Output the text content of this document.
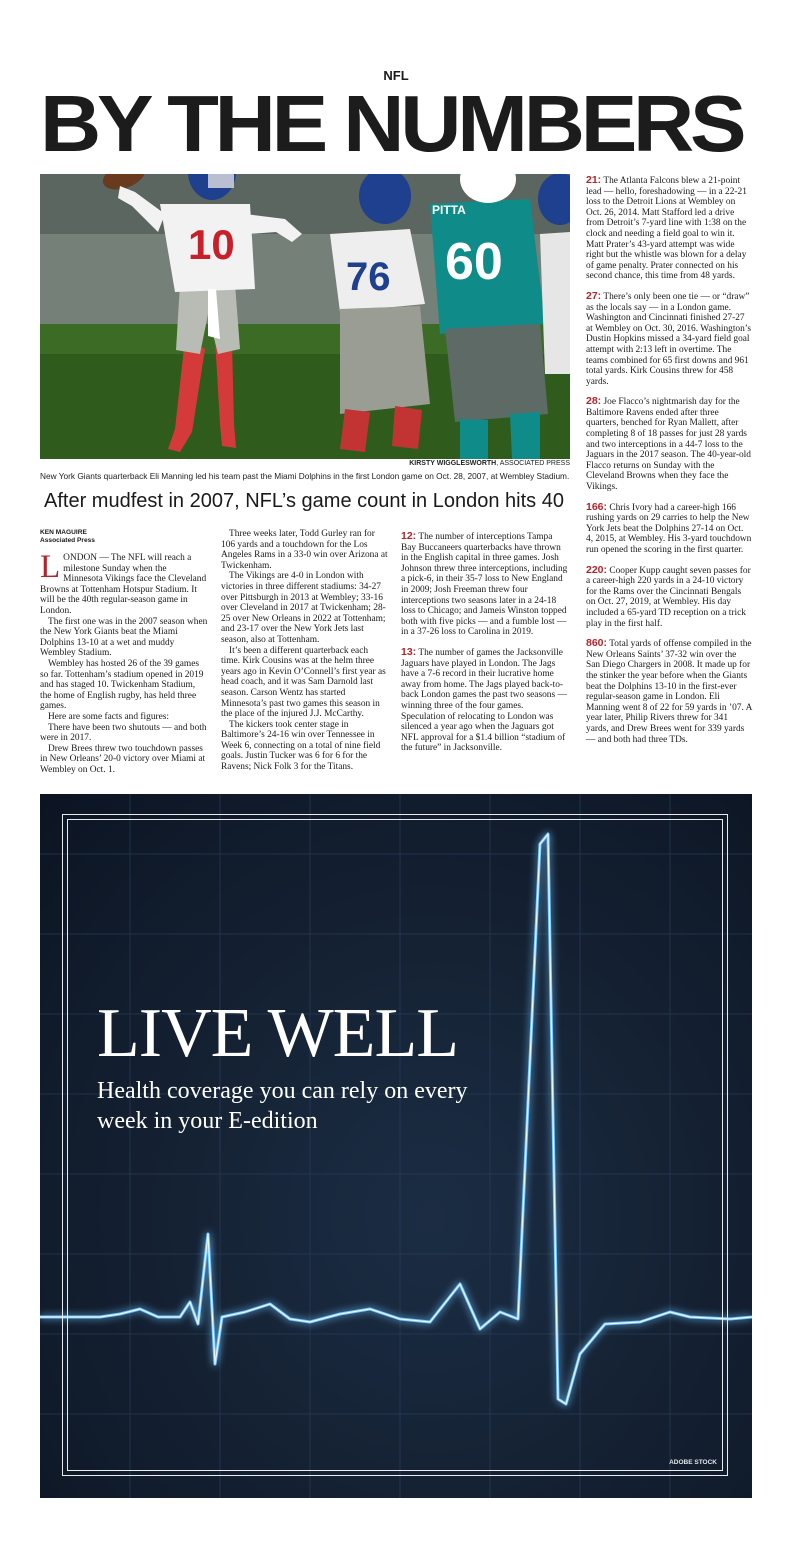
NFL
BY THE NUMBERS
10
76
PITTA
60
KIRSTY WIGGLESWORTH, ASSOCIATED PRESS
New York Giants quarterback Eli Manning led his team past the Miami Dolphins in the first London game on Oct. 28, 2007, at Wembley Stadium.
After mudfest in 2007, NFL’s game count in London hits 40
KEN MAGUIRE
Associated Press

LONDON — The NFL will reach a milestone Sunday when the Minnesota Vikings face the Cleveland Browns at Tottenham Hotspur Stadium. It will be the 40th regular-season game in London.

The first one was in the 2007 season when the New York Giants beat the Miami Dolphins 13-10 at a wet and muddy Wembley Stadium.

Wembley has hosted 26 of the 39 games so far. Tottenham’s stadium opened in 2019 and has staged 10. Twickenham Stadium, the home of English rugby, has held three games.

Here are some facts and figures:

There have been two shutouts — and both were in 2017.

Drew Brees threw two touchdown passes in New Orleans’ 20-0 victory over Miami at Wembley on Oct. 1.

Three weeks later, Todd Gurley ran for 106 yards and a touchdown for the Los Angeles Rams in a 33-0 win over Arizona at Twickenham.

The Vikings are 4-0 in London with victories in three different stadiums: 34-27 over Pittsburgh in 2013 at Wembley; 33-16 over Cleveland in 2017 at Twickenham; 28-25 over New Orleans in 2022 at Tottenham; and 23-17 over the New York Jets last season, also at Tottenham.

It’s been a different quarterback each time. Kirk Cousins was at the helm three years ago in Kevin O’Connell’s first year as head coach, and it was Sam Darnold last season. Carson Wentz has started Minnesota’s past two games this season in the place of the injured J.J. McCarthy.

The kickers took center stage in Baltimore’s 24-16 win over Tennessee in Week 6, connecting on a total of nine field goals. Justin Tucker was 6 for 6 for the Ravens; Nick Folk 3 for the Titans.

12: The number of interceptions Tampa Bay Buccaneers quarterbacks have thrown in the English capital in three games. Josh Johnson threw three interceptions, including a pick-6, in their 35-7 loss to New England in 2009; Josh Freeman threw four interceptions two seasons later in a 24-18 loss to Chicago; and Jameis Winston topped both with five picks — and a fumble lost — in a 37-26 loss to Carolina in 2019.

13: The number of games the Jacksonville Jaguars have played in London. The Jags have a 7-6 record in their lucrative home away from home. The Jags played back-to-back London games the past two seasons — winning three of the four games. Speculation of relocating to London was silenced a year ago when the Jaguars got NFL approval for a $1.4 billion “stadium of the future” in Jacksonville.

21: The Atlanta Falcons blew a 21-point lead — hello, foreshadowing — in a 22-21 loss to the Detroit Lions at Wembley on Oct. 26, 2014. Matt Stafford led a drive from Detroit’s 7-yard line with 1:38 on the clock and needing a field goal to win it. Matt Prater’s 43-yard attempt was wide right but the whistle was blown for a delay of game penalty. Prater connected on his second chance, this time from 48 yards.

27: There’s only been one tie — or “draw” as the locals say — in a London game. Washington and Cincinnati finished 27-27 at Wembley on Oct. 30, 2016. Washington’s Dustin Hopkins missed a 34-yard field goal attempt with 2:13 left in overtime. The teams combined for 65 first downs and 961 total yards. Kirk Cousins threw for 458 yards.

28: Joe Flacco’s nightmarish day for the Baltimore Ravens ended after three quarters, benched for Ryan Mallett, after completing 8 of 18 passes for just 28 yards and two interceptions in a 44-7 loss to the Jaguars in the 2017 season. The 40-year-old Flacco returns on Sunday with the Cleveland Browns when they face the Vikings.

166: Chris Ivory had a career-high 166 rushing yards on 29 carries to help the New York Jets beat the Dolphins 27-14 on Oct. 4, 2015, at Wembley. His 3-yard touchdown run opened the scoring in the first quarter.

220: Cooper Kupp caught seven passes for a career-high 220 yards in a 24-10 victory for the Rams over the Cincinnati Bengals on Oct. 27, 2019, at Wembley. His day included a 65-yard TD reception on a trick play in the first half.

860: Total yards of offense compiled in the New Orleans Saints’ 37-32 win over the San Diego Chargers in 2008. It made up for the stinker the year before when the Giants beat the Dolphins 13-10 in the first-ever regular-season game in London. Eli Manning went 8 of 22 for 59 yards in ’07. A year later, Philip Rivers threw for 341 yards, and Drew Brees went for 339 yards — and both had three TDs.

LIVE WELL
Health coverage you can rely on every week in your E-edition
ADOBE STOCK
